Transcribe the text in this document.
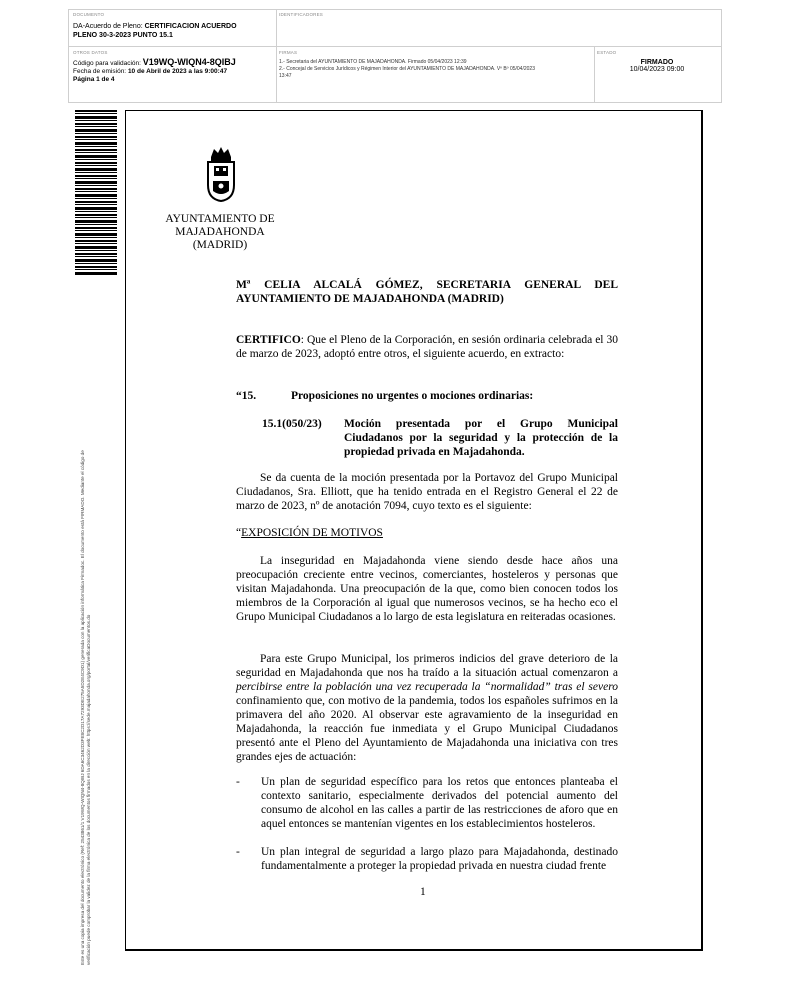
DOCUMENTO
DA-Acuerdo de Pleno: CERTIFICACION ACUERDO
PLENO 30-3-2023 PUNTO 15.1
IDENTIFICADORES
OTROS DATOS
Código para validación: V19WQ-WIQN4-8QIBJ
Fecha de emisión: 10 de Abril de 2023 a las 9:00:47
Página 1 de 4
FIRMAS
1.- Secretaria del AYUNTAMIENTO DE MAJADAHONDA. Firmado 05/04/2023 12:39
2.- Concejal de Servicios Jurídicos y Régimen Interior del AYUNTAMIENTO DE MAJADAHONDA. Vº Bº 05/04/2023
13:47
ESTADO
FIRMADO
10/04/2023 09:00
Este es una copia impresa del documento electrónico (Ref: 2543861/1 V19WQ-WIQN4-8QIBJ 6DA6C3462D3FE8C2D17A7293DE275A5D2E4C9D1) generada con la aplicación informática Firmadoc. El documento está FIRMADO. Mediante el código de verificación puede comprobar la validez de la firma electrónica de los documentos firmados en la dirección web: https://sede.majadahonda.org/portal/verificaDocumentos.do
AYUNTAMIENTO DE
MAJADAHONDA
(MADRID)
Mª CELIA ALCALÁ GÓMEZ, SECRETARIA GENERAL DEL AYUNTAMIENTO DE MAJADAHONDA (MADRID)
CERTIFICO: Que el Pleno de la Corporación, en sesión ordinaria celebrada el 30 de marzo de 2023, adoptó entre otros, el siguiente acuerdo, en extracto:
“15.	Proposiciones no urgentes o mociones ordinarias:
15.1(050/23) Moción presentada por el Grupo Municipal Ciudadanos por la seguridad y la protección de la propiedad privada en Majadahonda.
Se da cuenta de la moción presentada por la Portavoz del Grupo Municipal Ciudadanos, Sra. Elliott, que ha tenido entrada en el Registro General el 22 de marzo de 2023, nº de anotación 7094, cuyo texto es el siguiente:
“EXPOSICIÓN DE MOTIVOS
La inseguridad en Majadahonda viene siendo desde hace años una preocupación creciente entre vecinos, comerciantes, hosteleros y personas que visitan Majadahonda. Una preocupación de la que, como bien conocen todos los miembros de la Corporación al igual que numerosos vecinos, se ha hecho eco el Grupo Municipal Ciudadanos a lo largo de esta legislatura en reiteradas ocasiones.
Para este Grupo Municipal, los primeros indicios del grave deterioro de la seguridad en Majadahonda que nos ha traído a la situación actual comenzaron a percibirse entre la población una vez recuperada la “normalidad” tras el severo confinamiento que, con motivo de la pandemia, todos los españoles sufrimos en la primavera del año 2020. Al observar este agravamiento de la inseguridad en Majadahonda, la reacción fue inmediata y el Grupo Municipal Ciudadanos presentó ante el Pleno del Ayuntamiento de Majadahonda una iniciativa con tres grandes ejes de actuación:
- Un plan de seguridad específico para los retos que entonces planteaba el contexto sanitario, especialmente derivados del potencial aumento del consumo de alcohol en las calles a partir de las restricciones de aforo que en aquel entonces se mantenían vigentes en los establecimientos hosteleros.
- Un plan integral de seguridad a largo plazo para Majadahonda, destinado fundamentalmente a proteger la propiedad privada en nuestra ciudad frente
1
